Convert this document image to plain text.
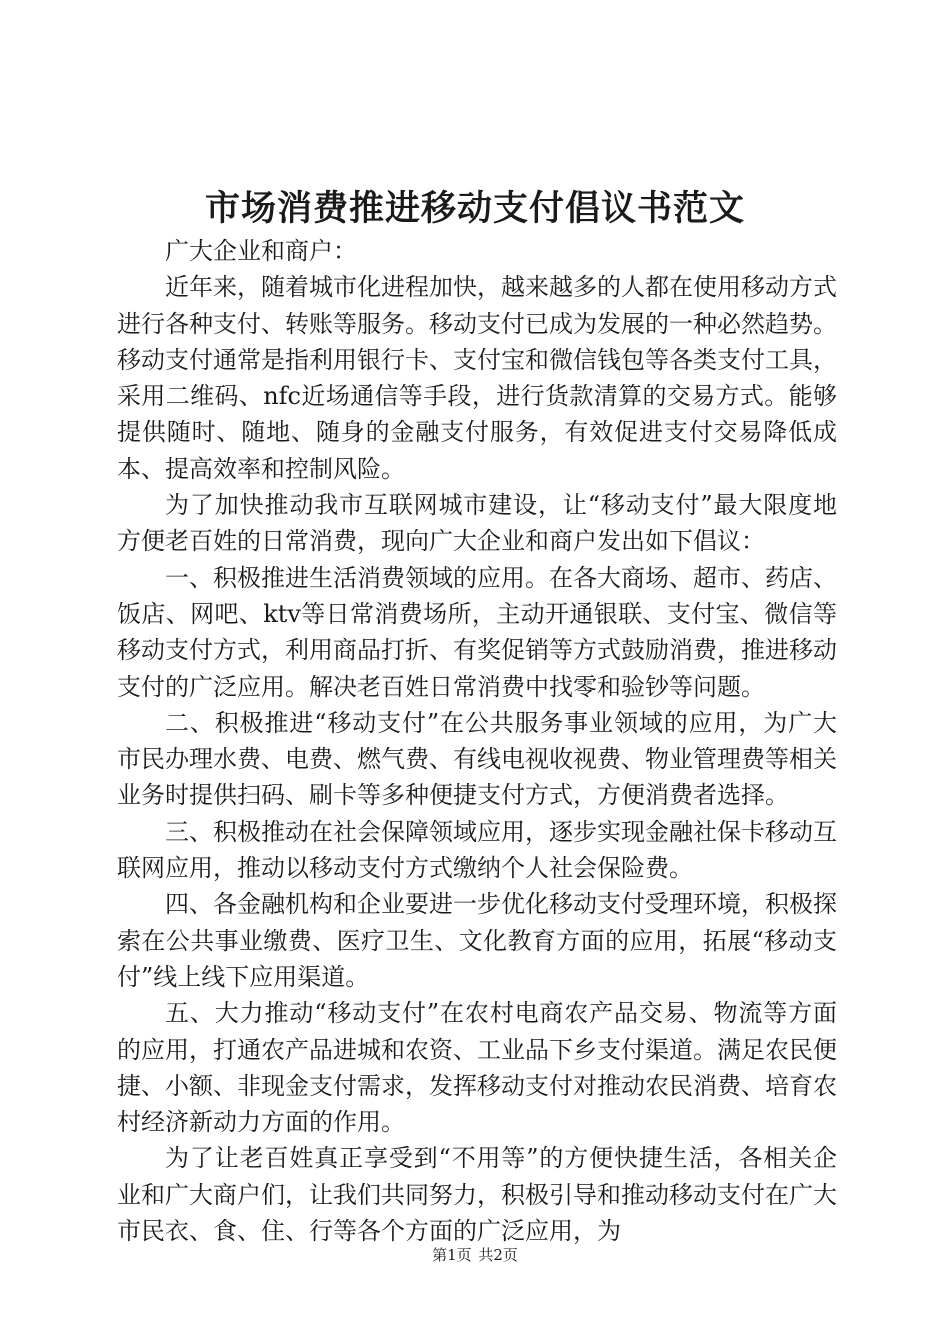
市场消费推进移动支付倡议书范文

广大企业和商户：

近年来，随着城市化进程加快，越来越多的人都在使用移动方式进行各种支付、转账等服务。移动支付已成为发展的一种必然趋势。移动支付通常是指利用银行卡、支付宝和微信钱包等各类支付工具，采用二维码、nfc近场通信等手段，进行货款清算的交易方式。能够提供随时、随地、随身的金融支付服务，有效促进支付交易降低成本、提高效率和控制风险。

为了加快推动我市互联网城市建设，让“移动支付”最大限度地方便老百姓的日常消费，现向广大企业和商户发出如下倡议：

一、积极推进生活消费领域的应用。在各大商场、超市、药店、饭店、网吧、ktv等日常消费场所，主动开通银联、支付宝、微信等移动支付方式，利用商品打折、有奖促销等方式鼓励消费，推进移动支付的广泛应用。解决老百姓日常消费中找零和验钞等问题。

二、积极推进“移动支付”在公共服务事业领域的应用，为广大市民办理水费、电费、燃气费、有线电视收视费、物业管理费等相关业务时提供扫码、刷卡等多种便捷支付方式，方便消费者选择。

三、积极推动在社会保障领域应用，逐步实现金融社保卡移动互联网应用，推动以移动支付方式缴纳个人社会保险费。

四、各金融机构和企业要进一步优化移动支付受理环境，积极探索在公共事业缴费、医疗卫生、文化教育方面的应用，拓展“移动支付”线上线下应用渠道。

五、大力推动“移动支付”在农村电商农产品交易、物流等方面的应用，打通农产品进城和农资、工业品下乡支付渠道。满足农民便捷、小额、非现金支付需求，发挥移动支付对推动农民消费、培育农村经济新动力方面的作用。

为了让老百姓真正享受到“不用等”的方便快捷生活，各相关企业和广大商户们，让我们共同努力，积极引导和推动移动支付在广大市民衣、食、住、行等各个方面的广泛应用，为

第1页 共2页
